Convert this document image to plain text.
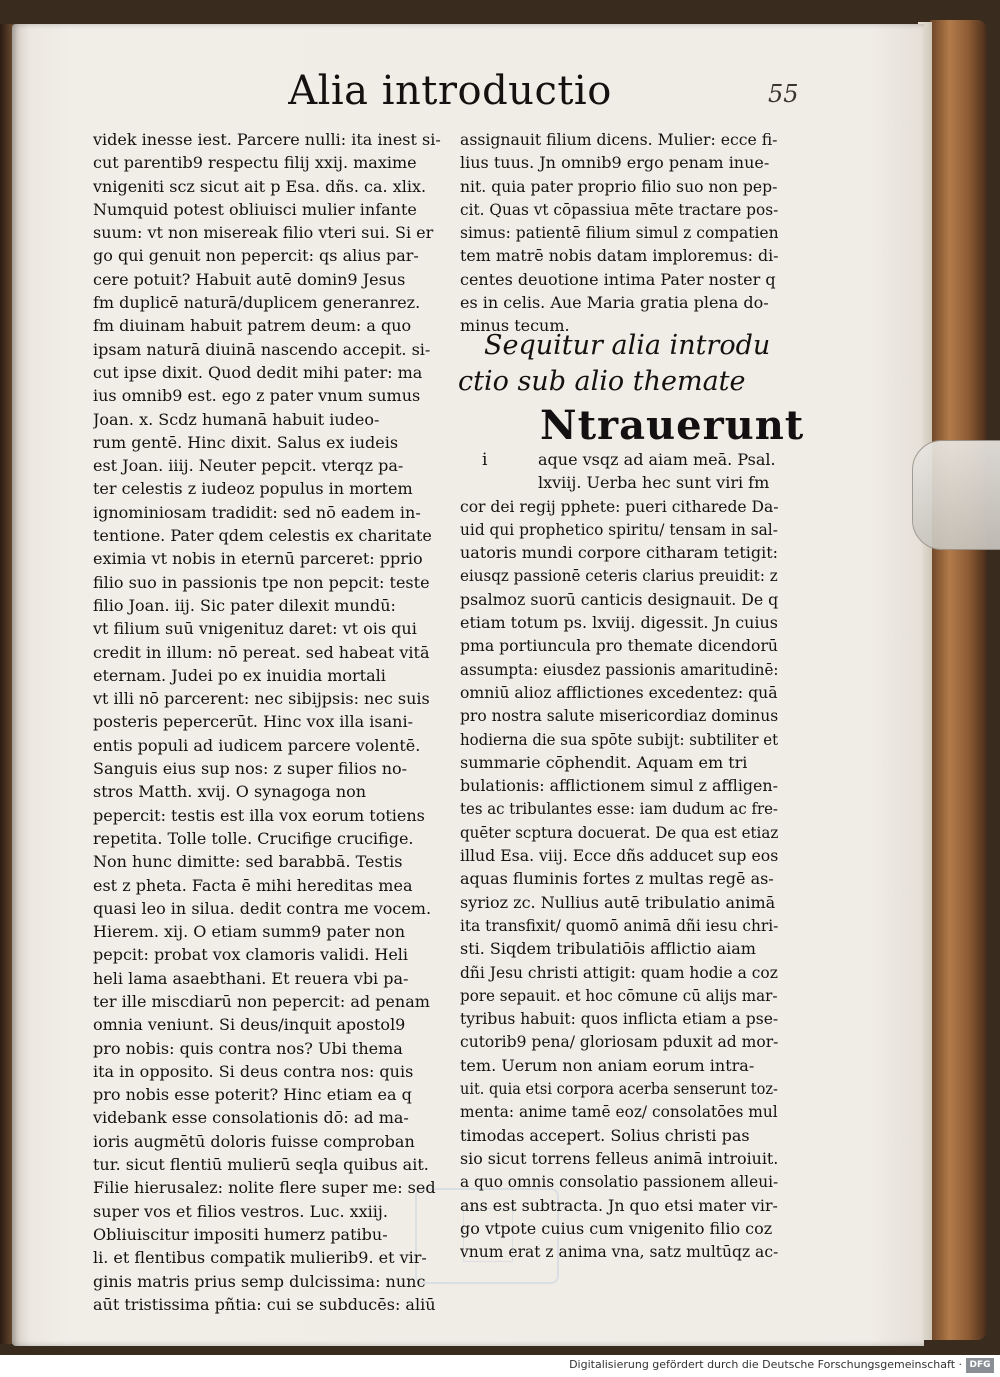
Alia introductio	55
videk inesse iest. Parcere nulli: ita inest si-
cut parentib9 respectu filij xxij. maxime
vnigeniti scz sicut ait p Esa. dñs. ca. xlix.
Numquid potest obliuisci mulier infante
suum: vt non misereak filio vteri sui. Si er
go qui genuit non pepercit: qs alius par-
cere potuit? Habuit autē domin9 Jesus
fm duplicē naturā/duplicem generanrez.
fm diuinam habuit patrem deum: a quo
ipsam naturā diuinā nascendo accepit. si-
cut ipse dixit. Quod dedit mihi pater: ma
ius omnib9 est. ego z pater vnum sumus
Joan. x. Scdz humanā habuit iudeo-
rum gentē. Hinc dixit. Salus ex iudeis
est Joan. iiij. Neuter pepcit. vterqz pa-
ter celestis z iudeoz populus in mortem
ignominiosam tradidit: sed nō eadem in-
tentione. Pater qdem celestis ex charitate
eximia vt nobis in eternū parceret: pprio
filio suo in passionis tpe non pepcit: teste
filio Joan. iij. Sic pater dilexit mundū:
vt filium suū vnigenituz daret: vt ois qui
credit in illum: nō pereat. sed habeat vitā
eternam. Judei po ex inuidia mortali
vt illi nō parcerent: nec sibijpsis: nec suis
posteris pepercerūt. Hinc vox illa isani-
entis populi ad iudicem parcere volentē.
Sanguis eius sup nos: z super filios no-
stros Matth. xvij. O synagoga non
pepercit: testis est illa vox eorum totiens
repetita. Tolle tolle. Crucifige crucifige.
Non hunc dimitte: sed barabbā. Testis
est z pheta. Facta ē mihi hereditas mea
quasi leo in silua. dedit contra me vocem.
Hierem. xij. O etiam summ9 pater non
pepcit: probat vox clamoris validi. Heli
heli lama asaebthani. Et reuera vbi pa-
ter ille miscdiarū non pepercit: ad penam
omnia veniunt. Si deus/inquit apostol9
pro nobis: quis contra nos? Ubi thema
ita in opposito. Si deus contra nos: quis
pro nobis esse poterit? Hinc etiam ea q
videbank esse consolationis dō: ad ma-
ioris augmētū doloris fuisse comproban
tur. sicut flentiū mulierū seqla quibus ait.
Filie hierusalez: nolite flere super me: sed
super vos et filios vestros. Luc. xxiij.
Obliuiscitur impositi humerz patibu-
li. et flentibus compatik mulierib9. et vir-
ginis matris prius semp dulcissima: nunc
aūt tristissima pñtia: cui se subducēs: aliū
assignauit filium dicens. Mulier: ecce fi-
lius tuus. Jn omnib9 ergo penam inue-
nit. quia pater proprio filio suo non pep-
cit. Quas vt cōpassiua mēte tractare pos-
simus: patientē filium simul z compatien
tem matrē nobis datam imploremus: di-
centes deuotione intima Pater noster q
es in celis. Aue Maria gratia plena do-
minus tecum.
Sequitur alia introdu
ctio sub alio themate
Ntrauerunt
i	aque vsqz ad aiam meā. Psal.
lxviij. Uerba hec sunt viri fm
cor dei regij pphete: pueri citharede Da-
uid qui prophetico spiritu/ tensam in sal-
uatoris mundi corpore citharam tetigit:
eiusqz passionē ceteris clarius preuidit: z
psalmoz suorū canticis designauit. De q
etiam totum ps. lxviij. digessit. Jn cuius
pma portiuncula pro themate dicendorū
assumpta: eiusdez passionis amaritudinē:
omniū alioz afflictiones excedentez: quā
pro nostra salute misericordiaz dominus
hodierna die sua spōte subijt: subtiliter et
summarie cōphendit. Aquam em tri
bulationis: afflictionem simul z affligen-
tes ac tribulantes esse: iam dudum ac fre-
quēter scptura docuerat. De qua est etiaz
illud Esa. viij. Ecce dñs adducet sup eos
aquas fluminis fortes z multas regē as-
syrioz zc. Nullius autē tribulatio animā
ita transfixit/ quomō animā dñi iesu chri-
sti. Siqdem tribulatiōis afflictio aiam
dñi Jesu christi attigit: quam hodie a coz
pore sepauit. et hoc cōmune cū alijs mar-
tyribus habuit: quos inflicta etiam a pse-
cutorib9 pena/ gloriosam pduxit ad mor-
tem. Uerum non aniam eorum intra-
uit. quia etsi corpora acerba senserunt toz-
menta: anime tamē eoz/ consolatōes mul
timodas accepert. Solius christi pas
sio sicut torrens felleus animā introiuit.
a quo omnis consolatio passionem alleui-
ans est subtracta. Jn quo etsi mater vir-
go vtpote cuius cum vnigenito filio coz
vnum erat z anima vna, satz multūqz ac-
Digitalisierung gefördert durch die Deutsche Forschungsgemeinschaft · DFG
